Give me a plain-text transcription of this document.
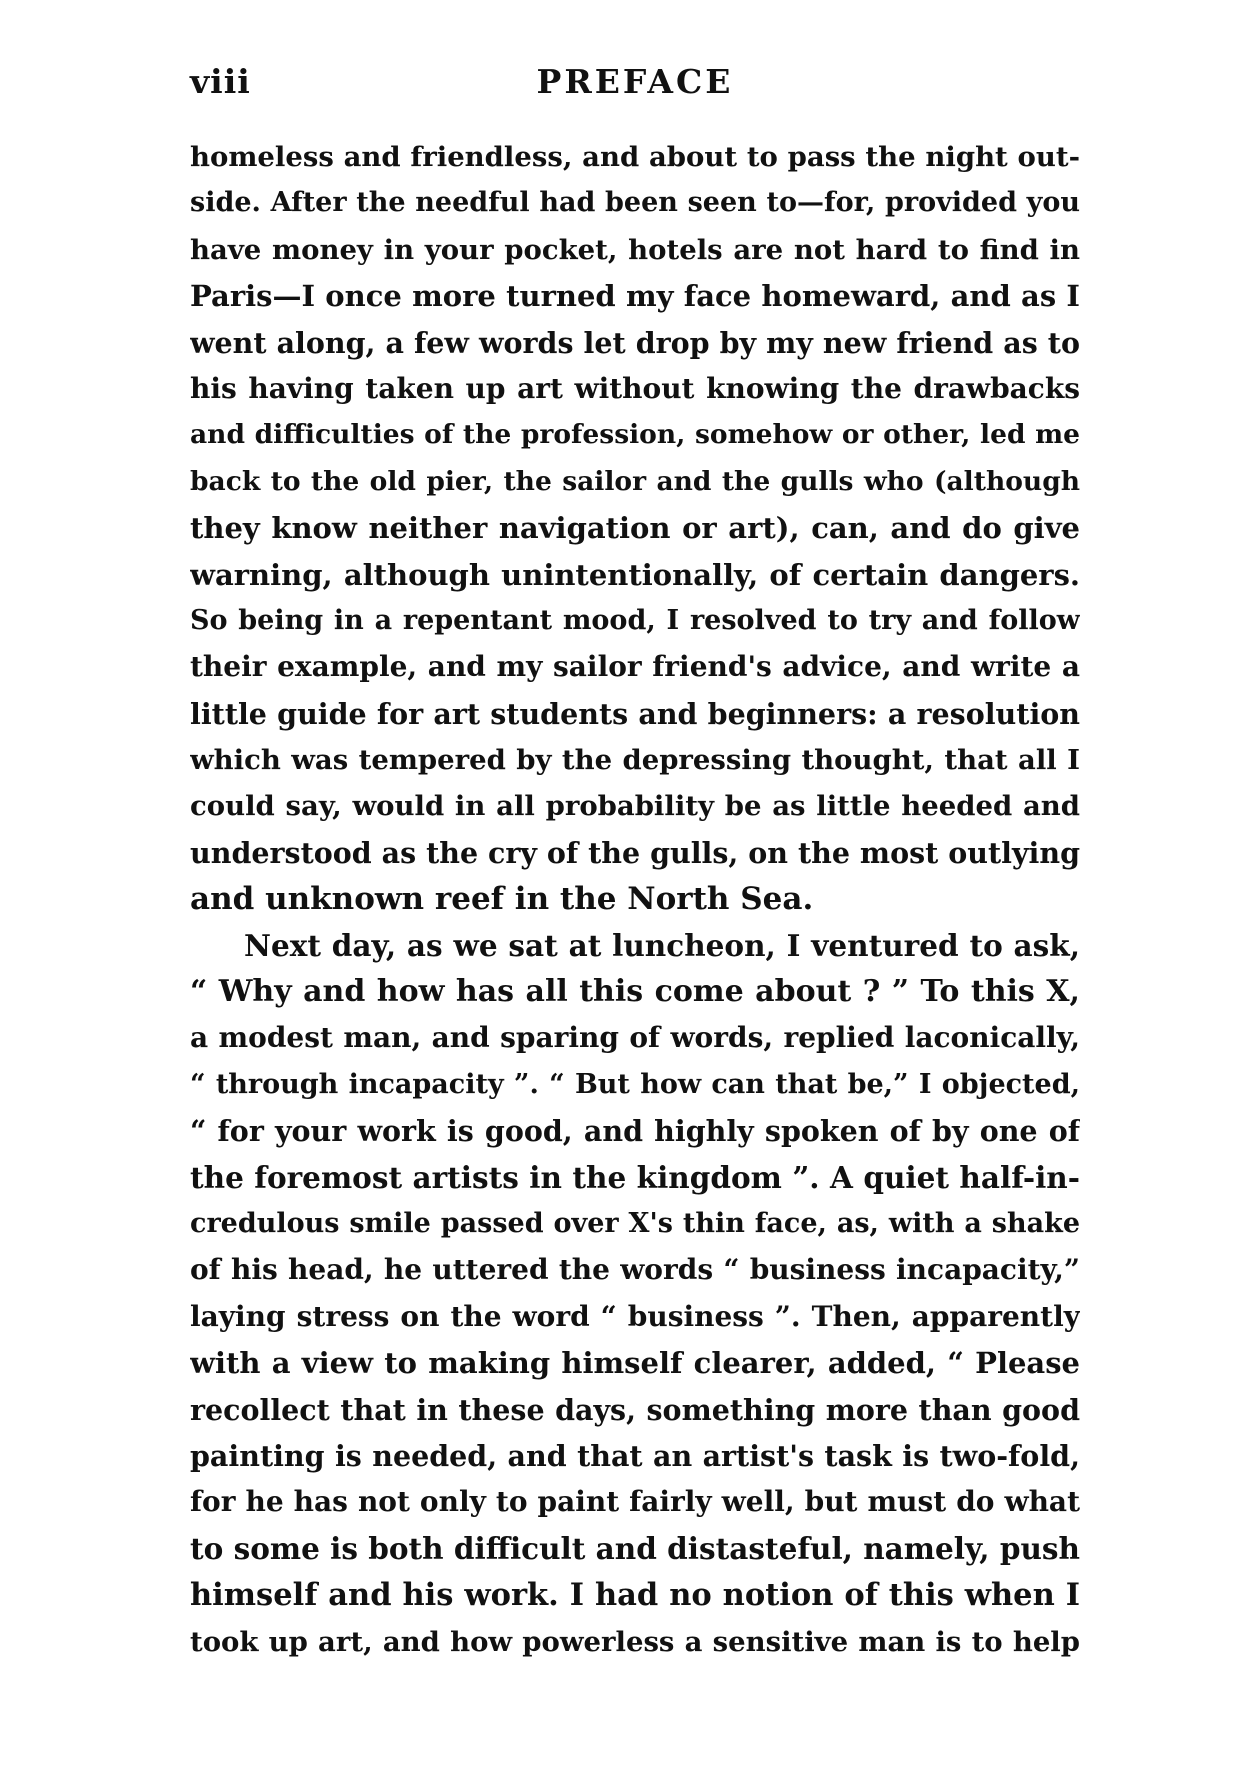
viii	PREFACE
homeless and friendless, and about to pass the night out-
side. After the needful had been seen to—for, provided you
have money in your pocket, hotels are not hard to find in
Paris—I once more turned my face homeward, and as I
went along, a few words let drop by my new friend as to
his having taken up art without knowing the drawbacks
and difficulties of the profession, somehow or other, led me
back to the old pier, the sailor and the gulls who (although
they know neither navigation or art), can, and do give
warning, although unintentionally, of certain dangers.
So being in a repentant mood, I resolved to try and follow
their example, and my sailor friend's advice, and write a
little guide for art students and beginners: a resolution
which was tempered by the depressing thought, that all I
could say, would in all probability be as little heeded and
understood as the cry of the gulls, on the most outlying
and unknown reef in the North Sea.
Next day, as we sat at luncheon, I ventured to ask,
“ Why and how has all this come about ? ” To this X,
a modest man, and sparing of words, replied laconically,
“ through incapacity ”. “ But how can that be,” I objected,
“ for your work is good, and highly spoken of by one of
the foremost artists in the kingdom ”. A quiet half-in-
credulous smile passed over X's thin face, as, with a shake
of his head, he uttered the words “ business incapacity,”
laying stress on the word “ business ”. Then, apparently
with a view to making himself clearer, added, “ Please
recollect that in these days, something more than good
painting is needed, and that an artist's task is two-fold,
for he has not only to paint fairly well, but must do what
to some is both difficult and distasteful, namely, push
himself and his work. I had no notion of this when I
took up art, and how powerless a sensitive man is to help
